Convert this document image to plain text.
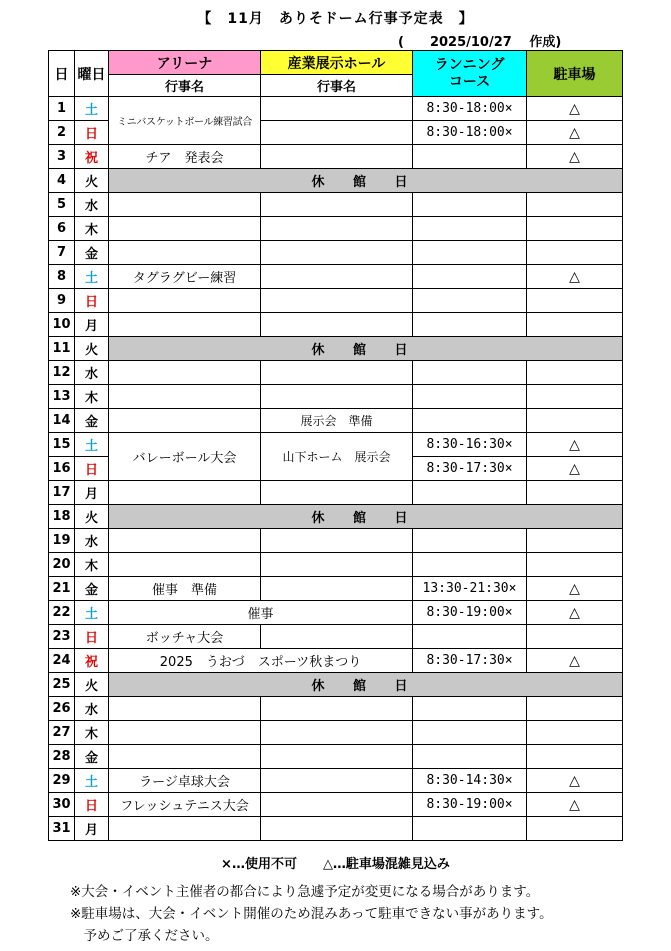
【　11月　ありそドーム行事予定表　】
(　　2025/10/27　 作成)
日	曜日	アリーナ	産業展示ホール	ランニング
コース	駐車場
		行事名	行事名		
1	土	ミニバスケットボール練習試合		8:30-18:00×	△
2	日			8:30-18:00×	△
3	祝	チア　発表会			△
4	火	休 館 日			
5	水				
6	木				
7	金				
8	土	タグラグビー練習			△
9	日				
10	月				
11	火	休 館 日			
12	水				
13	木				
14	金		展示会　準備		
15	土	バレーボール大会	山下ホーム　展示会	8:30-16:30×	△
16	日			8:30-17:30×	△
17	月				
18	火	休 館 日			
19	水				
20	木				
21	金	催事　準備		13:30-21:30×	△
22	土	催事		8:30-19:00×	△
23	日	ボッチャ大会			
24	祝	2025　うおづ　スポーツ秋まつり		8:30-17:30×	△
25	火	休 館 日			
26	水				
27	木				
28	金				
29	土	ラージ卓球大会		8:30-14:30×	△
30	日	フレッシュテニス大会		8:30-19:00×	△
31	月				
×…使用不可　　△…駐車場混雑見込み
※大会・イベント主催者の都合により急遽予定が変更になる場合があります。
※駐車場は、大会・イベント開催のため混みあって駐車できない事があります。
　予めご了承ください。
